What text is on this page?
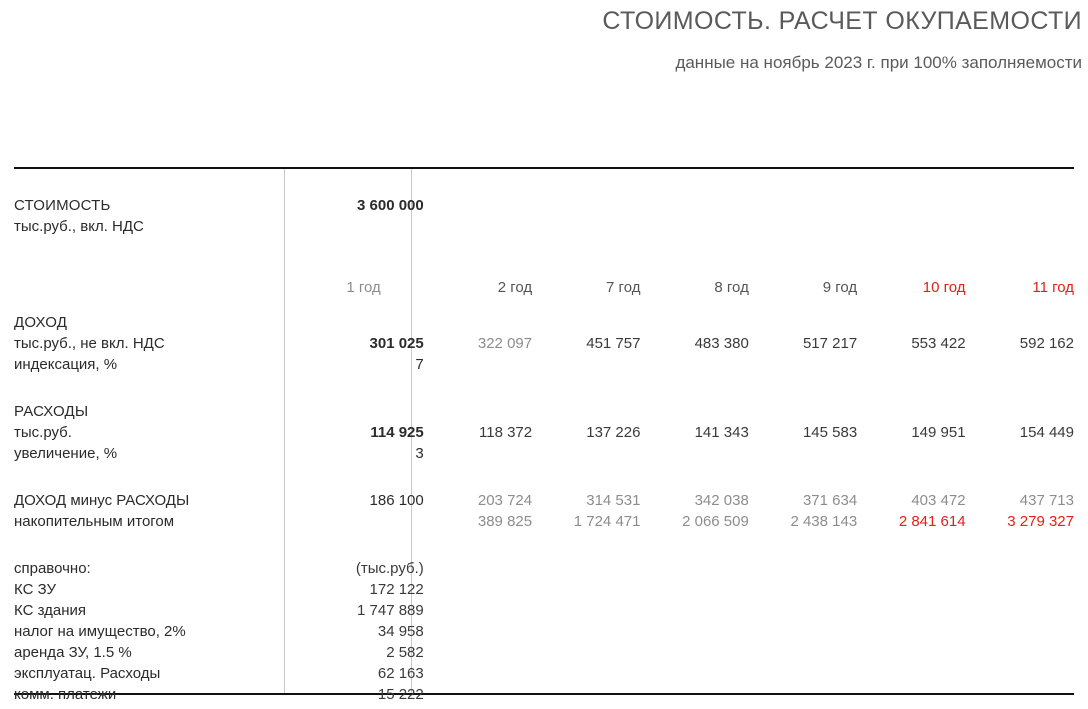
СТОИМОСТЬ. РАСЧЕТ ОКУПАЕМОСТИ
данные на ноябрь 2023 г. при 100% заполняемости

СТОИМОСТЬ	3 600 000						
тыс.руб., вкл. НДС							

	1 год	2 год	7 год	8 год	9 год	10 год	11 год

ДОХОД							
тыс.руб., не вкл. НДС	301 025	322 097	451 757	483 380	517 217	553 422	592 162
индексация, %	7						

РАСХОДЫ							
тыс.руб.	114 925	118 372	137 226	141 343	145 583	149 951	154 449
увеличение, %	3						

ДОХОД минус РАСХОДЫ	186 100	203 724	314 531	342 038	371 634	403 472	437 713
накопительным итогом		389 825	1 724 471	2 066 509	2 438 143	2 841 614	3 279 327

справочно:	(тыс.руб.)						
КС ЗУ	172 122						
КС здания	1 747 889						
налог на имущество, 2%	34 958						
аренда ЗУ, 1.5 %	2 582						
эксплуатац. Расходы	62 163						
комм. платежи	15 222						
